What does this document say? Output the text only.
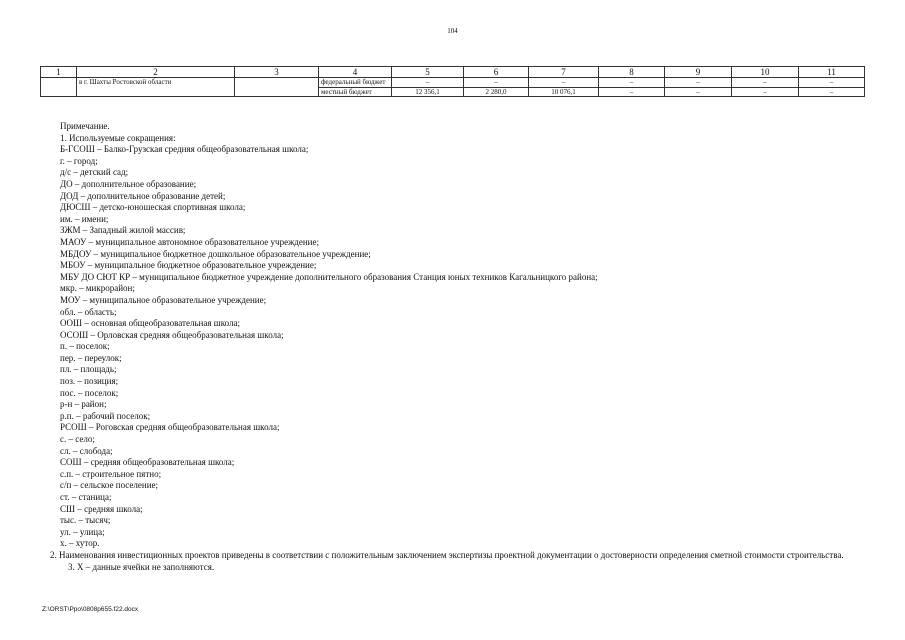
104
1	2	3	4	5	6	7	8	9	10	11
	в г. Шахты Ростовской области		федеральный бюджет	–	–	–	–	–	–	–
			местный бюджет	12 356,1	2 280,0	10 076,1	–	–	–	–
Примечание.
1. Используемые сокращения:
Б-ГСОШ – Балко-Грузская средняя общеобразовательная школа;
г. – город;
д/с – детский сад;
ДО – дополнительное образование;
ДОД – дополнительное образование детей;
ДЮСШ – детско-юношеская спортивная школа;
им. – имени;
ЗЖМ – Западный жилой массив;
МАОУ – муниципальное автономное образовательное учреждение;
МБДОУ – муниципальное бюджетное дошкольное образовательное учреждение;
МБОУ – муниципальное бюджетное образовательное учреждение;
МБУ ДО СЮТ КР – муниципальное бюджетное учреждение дополнительного образования Станция юных техников Кагальницкого района;
мкр. – микрорайон;
МОУ – муниципальное образовательное учреждение;
обл. – область;
ООШ – основная общеобразовательная школа;
ОСОШ – Орловская средняя общеобразовательная школа;
п. – поселок;
пер. – переулок;
пл. – площадь;
поз. – позиция;
пос. – поселок;
р-н – район;
р.п. – рабочий поселок;
РСОШ – Роговская средняя общеобразовательная школа;
с. – село;
сл. – слобода;
СОШ – средняя общеобразовательная школа;
с.п. – строительное пятно;
с/п – сельское поселение;
ст. – станица;
СШ – средняя школа;
тыс. – тысяч;
ул. – улица;
х. – хутор.
2. Наименования инвестиционных проектов приведены в соответствии с положительным заключением экспертизы проектной документации о достоверности определения сметной стоимости строительства.
3. Х – данные ячейки не заполняются.
Z:\ORST\Ppo\0808p655.f22.docx
